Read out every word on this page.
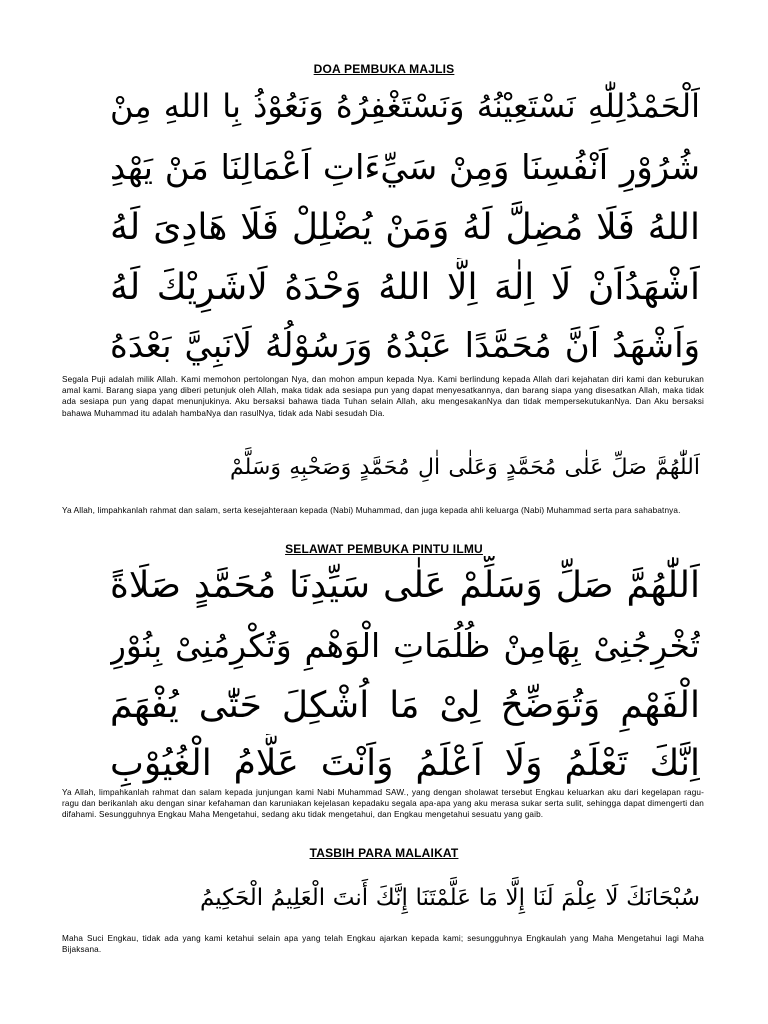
DOA PEMBUKA MAJLIS
اَلْحَمْدُلِلّٰهِ نَسْتَعِيْنُهُ وَنَسْتَغْفِرُهُ وَنَعُوْذُ بِا اللهِ مِنْ
شُرُوْرِ اَنْفُسِنَا وَمِنْ سَيِّءَاتِ اَعْمَالِنَا مَنْ يَهْدِ
اللهُ فَلَا مُضِلَّ لَهُ وَمَنْ يُضْلِلْ فَلَا هَادِىَ لَهُ
اَشْهَدُاَنْ لَا اِلٰهَ اِلَّا اللهُ وَحْدَهُ لَاشَرِيْكَ لَهُ
وَاَشْهَدُ اَنَّ مُحَمَّدًا عَبْدُهُ وَرَسُوْلُهُ لَانَبِيَّ بَعْدَهُ
Segala Puji adalah milik Allah. Kami memohon pertolongan Nya, dan mohon ampun kepada Nya. Kami berlindung kepada Allah dari kejahatan diri kami dan keburukan amal kami. Barang siapa yang diberi petunjuk oleh Allah, maka tidak ada sesiapa pun yang dapat menyesatkannya, dan barang siapa yang disesatkan Allah, maka tidak ada sesiapa pun yang dapat menunjukinya. Aku bersaksi bahawa tiada Tuhan selain Allah, aku mengesakanNya dan tidak mempersekutukanNya. Dan Aku bersaksi bahawa Muhammad itu adalah hambaNya dan rasulNya, tidak ada Nabi sesudah Dia.
اَللّٰهُمَّ صَلِّ عَلٰى مُحَمَّدٍ وَعَلٰى اٰلِ مُحَمَّدٍ وَصَحْبِهِ وَسَلَّمْ
Ya Allah, limpahkanlah rahmat dan salam, serta kesejahteraan kepada (Nabi) Muhammad, dan juga kepada ahli keluarga (Nabi) Muhammad serta para sahabatnya.
SELAWAT PEMBUKA PINTU ILMU
اَللّٰهُمَّ صَلِّ وَسَلِّمْ عَلٰى سَيِّدِنَا مُحَمَّدٍ صَلَاةً
تُخْرِجُنِىْ بِهَامِنْ ظُلُمَاتِ الْوَهْمِ وَتُكْرِمُنِىْ بِنُوْرِ
الْفَهْمِ وَتُوَضِّحُ لِىْ مَا اُشْكِلَ حَتّٰى يُفْهَمَ
اِنَّكَ تَعْلَمُ وَلَا اَعْلَمُ وَاَنْتَ عَلَّامُ الْغُيُوْبِ
Ya Allah, limpahkanlah rahmat dan salam kepada junjungan kami Nabi Muhammad SAW., yang dengan sholawat tersebut Engkau keluarkan aku dari kegelapan ragu-ragu dan berikanlah aku dengan sinar kefahaman dan karuniakan kejelasan kepadaku segala apa-apa yang aku merasa sukar serta sulit, sehingga dapat dimengerti dan difahami. Sesungguhnya Engkau Maha Mengetahui, sedang aku tidak mengetahui, dan Engkau mengetahui sesuatu yang gaib.
TASBIH PARA MALAIKAT
سُبْحَانَكَ لَا عِلْمَ لَنَا إِلَّا مَا عَلَّمْتَنَا إِنَّكَ أَنتَ الْعَلِيمُ الْحَكِيمُ
Maha Suci Engkau, tidak ada yang kami ketahui selain apa yang telah Engkau ajarkan kepada kami; sesungguhnya Engkaulah yang Maha Mengetahui lagi Maha Bijaksana.
